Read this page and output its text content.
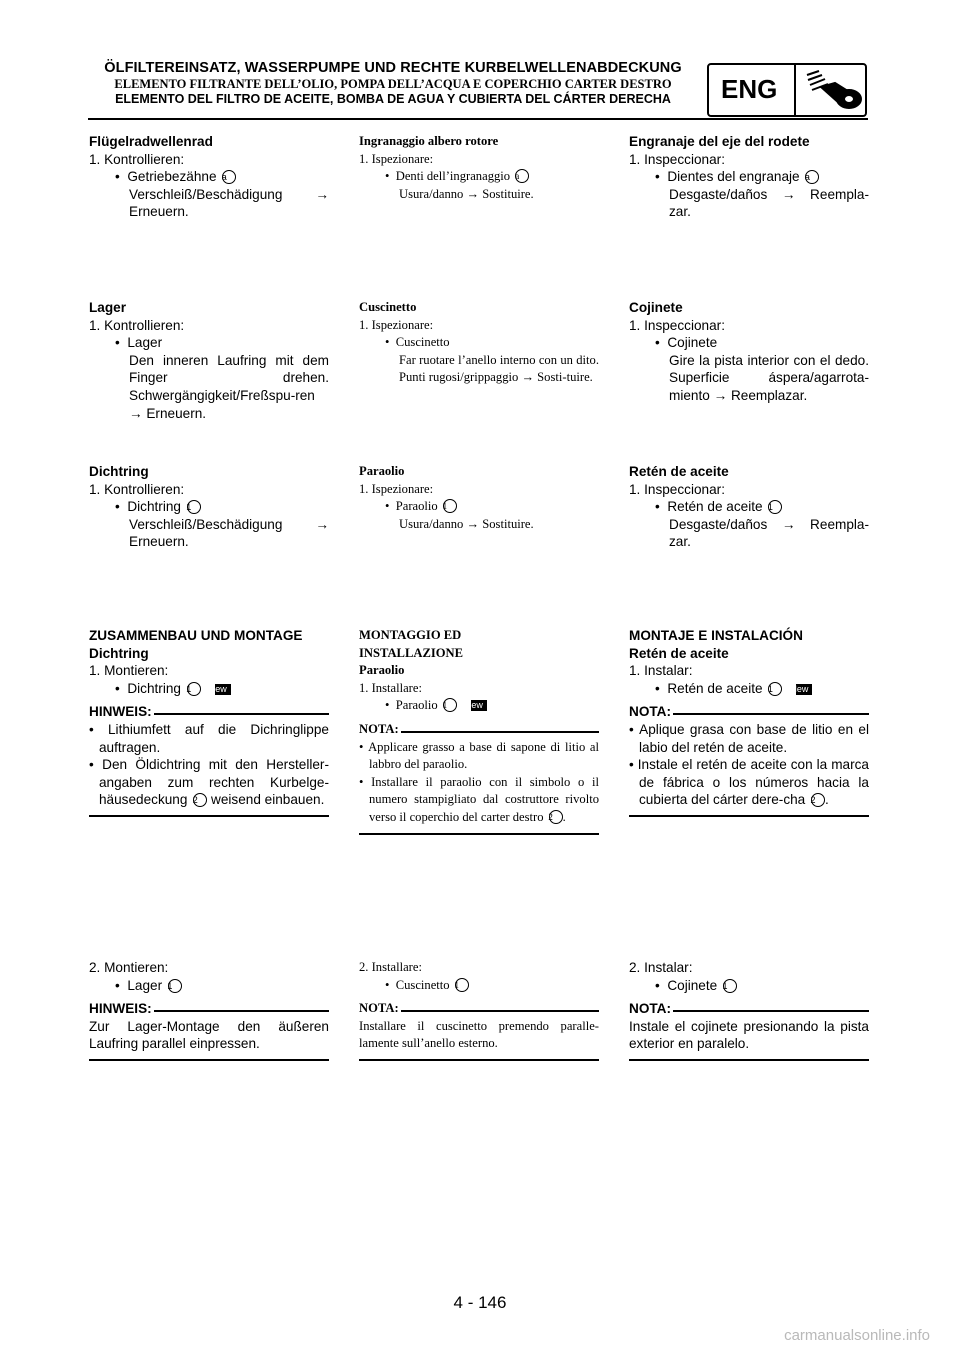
ÖLFILTEREINSATZ, WASSERPUMPE UND RECHTE KURBELWELLENABDECKUNG
ELEMENTO FILTRANTE DELL’OLIO, POMPA DELL’ACQUA E COPERCHIO CARTER DESTRO
ELEMENTO DEL FILTRO DE ACEITE, BOMBA DE AGUA Y CUBIERTA DEL CÁRTER DERECHA	ENG
Flügelradwellenrad
1. Kontrollieren:
•  Getriebezähne a
Verschleiß/Beschädigung →
Erneuern.
Lager
1. Kontrollieren:
•  Lager
Den inneren Laufring mit dem Finger drehen. Schwergängigkeit/Freßspu-ren → Erneuern.
Dichtring
1. Kontrollieren:
•  Dichtring 1
Verschleiß/Beschädigung →
Erneuern.
ZUSAMMENBAU UND MONTAGE
Dichtring
1. Montieren:
•  Dichtring 1 New
HINWEIS:
• Lithiumfett auf die Dichringlippe auftragen.
• Den Öldichtring mit den Hersteller-angaben zum rechten Kurbelge-häusedeckung 2 weisend einbauen.
2. Montieren:
•  Lager 1
HINWEIS:
Zur Lager-Montage den äußeren Laufring parallel einpressen.
Ingranaggio albero rotore
1. Ispezionare:
•  Denti dell’ingranaggio a
Usura/danno → Sostituire.
Cuscinetto
1. Ispezionare:
•  Cuscinetto
Far ruotare l’anello interno con un dito. Punti rugosi/grippaggio → Sosti-tuire.
Paraolio
1. Ispezionare:
•  Paraolio 1
Usura/danno → Sostituire.
MONTAGGIO ED
INSTALLAZIONE
Paraolio
1. Installare:
•  Paraolio 1 New
NOTA:
• Applicare grasso a base di sapone di litio al labbro del paraolio.
• Installare il paraolio con il simbolo o il numero stampigliato dal costruttore rivolto verso il coperchio del carter destro 2 .
2. Installare:
•  Cuscinetto 1
NOTA:
Installare il cuscinetto premendo paralle-lamente sull’anello esterno.
Engranaje del eje del rodete
1. Inspeccionar:
•  Dientes del engranaje a
Desgaste/daños → Reempla-
zar.
Cojinete
1. Inspeccionar:
•  Cojinete
Gire la pista interior con el dedo. Superficie áspera/agarrota-miento → Reemplazar.
Retén de aceite
1. Inspeccionar:
•  Retén de aceite 1
Desgaste/daños → Reempla-
zar.
MONTAJE E INSTALACIÓN
Retén de aceite
1. Instalar:
•  Retén de aceite 1 New
NOTA:
• Aplique grasa con base de litio en el labio del retén de aceite.
• Instale el retén de aceite con la marca de fábrica o los números hacia la cubierta del cárter dere-cha 2 .
2. Instalar:
•  Cojinete 1
NOTA:
Instale el cojinete presionando la pista exterior en paralelo.
4 - 146
carmanualsonline.info
